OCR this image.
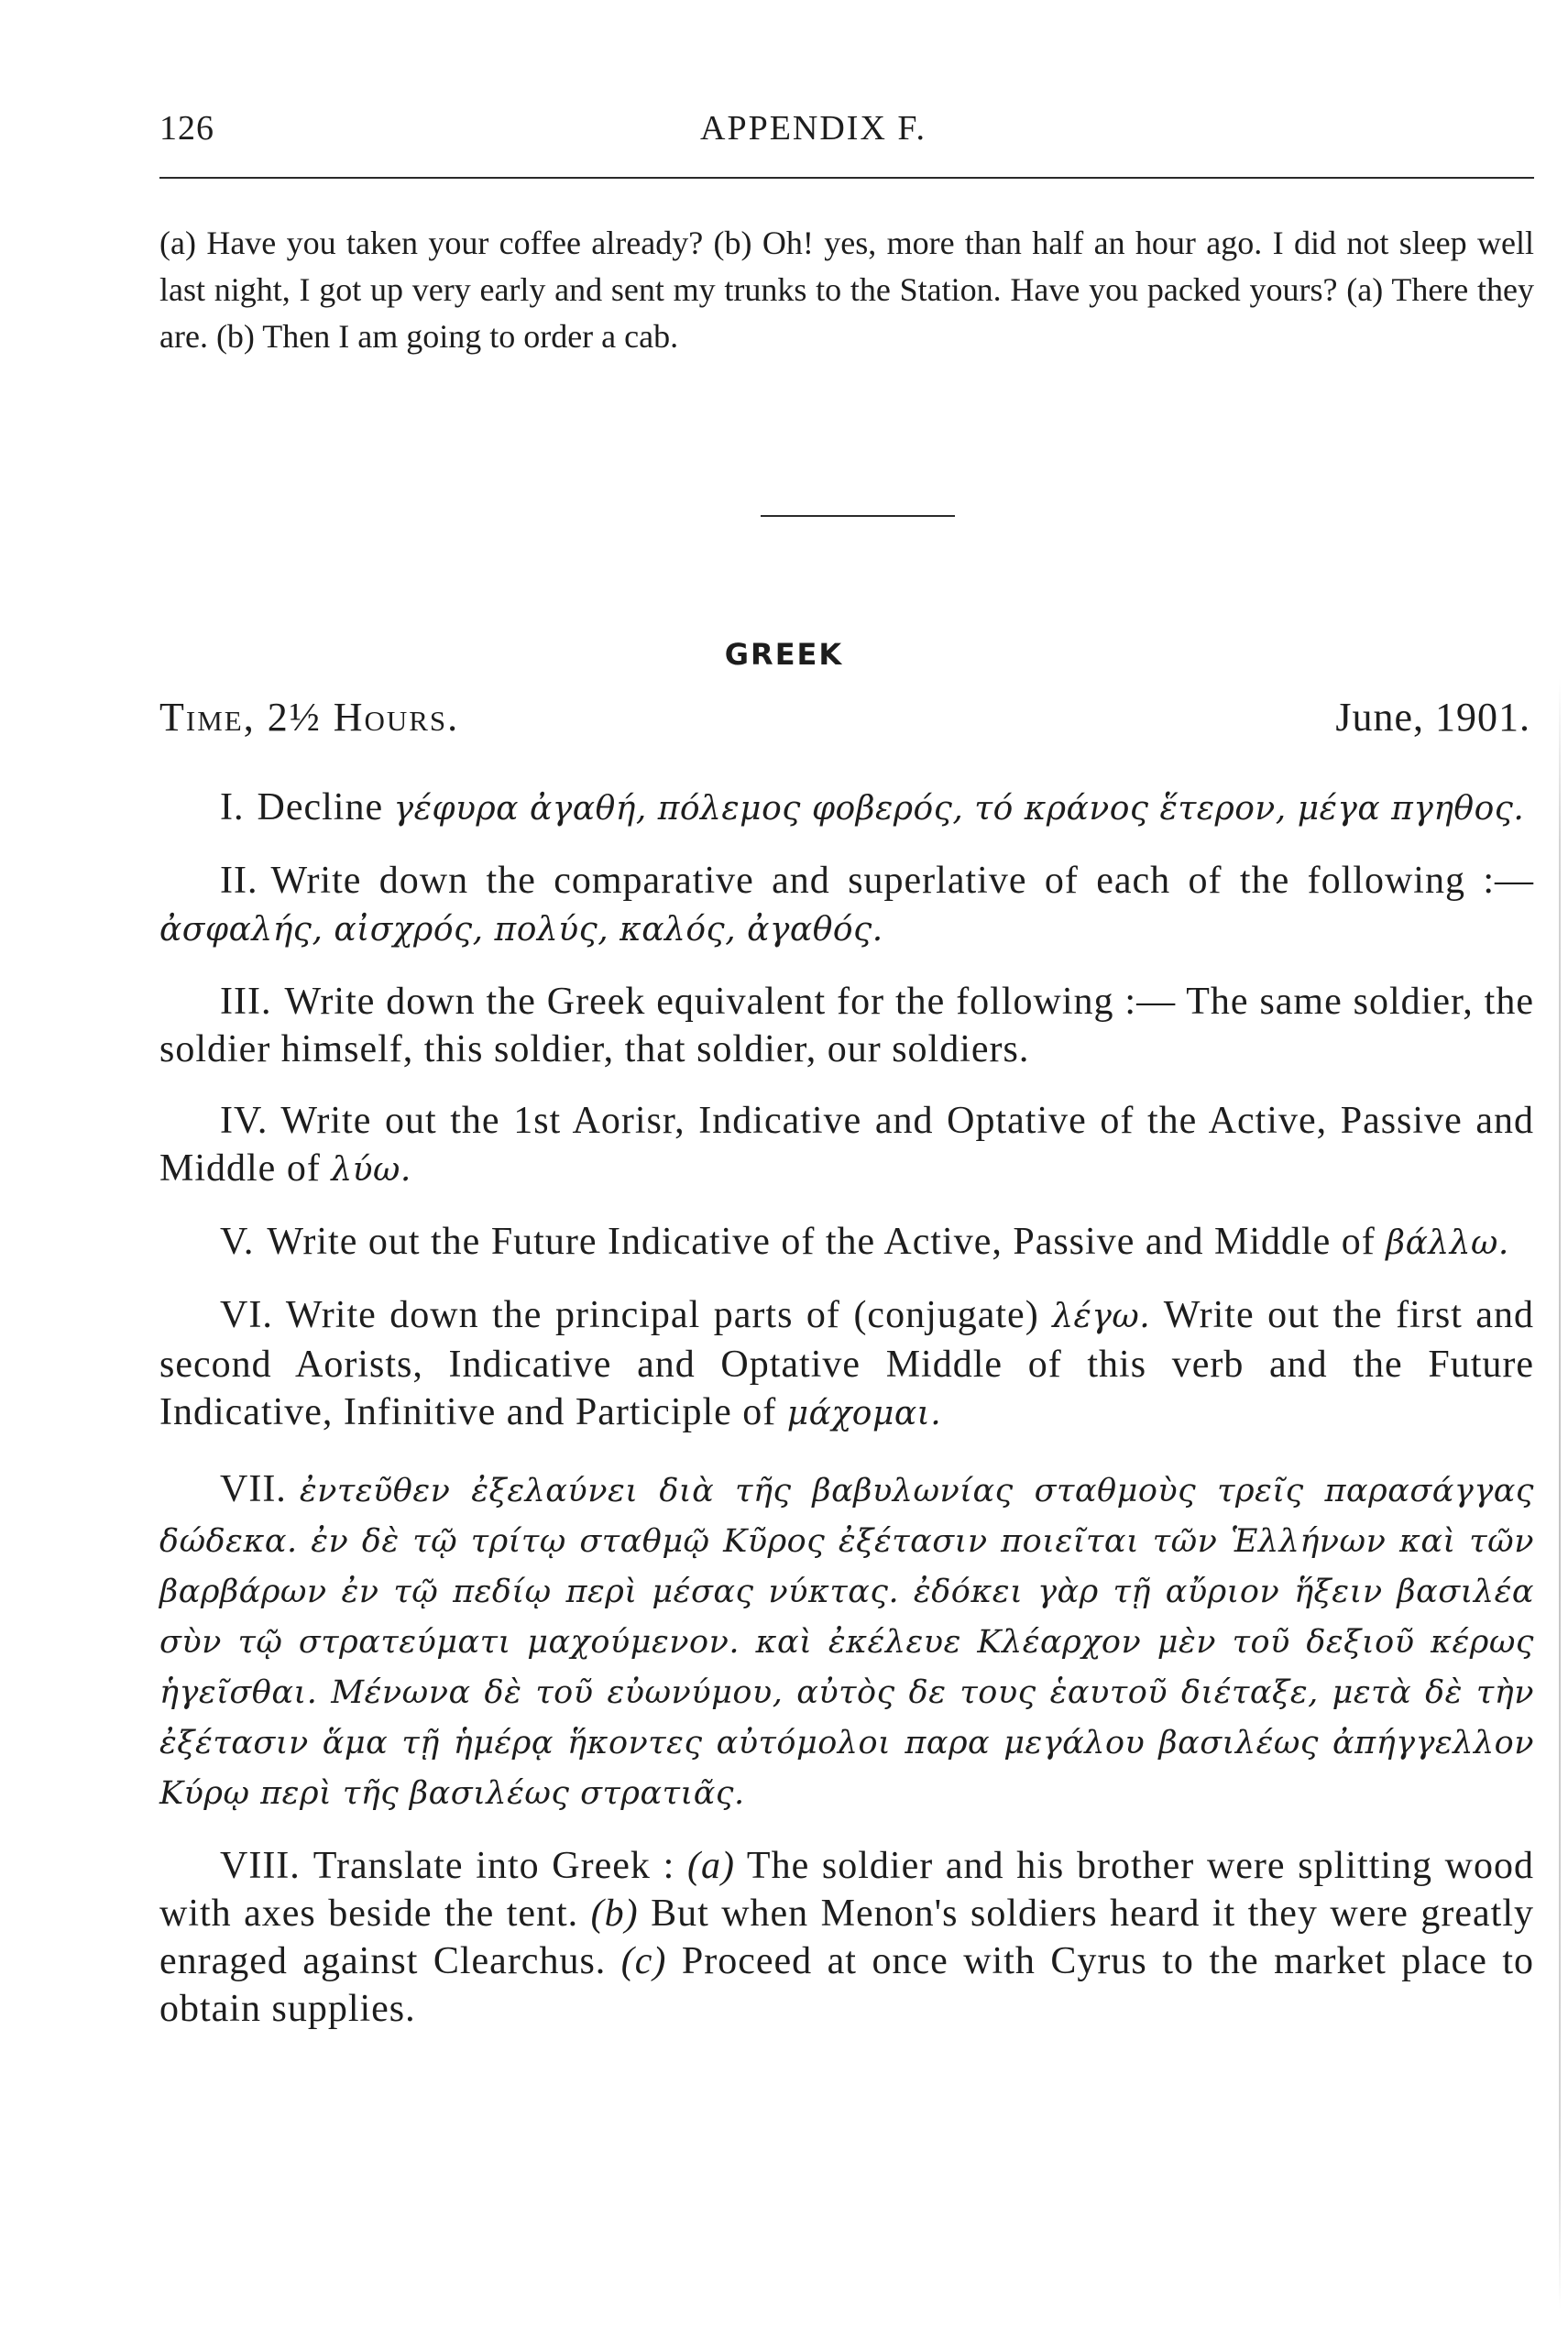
126	APPENDIX F.

(a) Have you taken your coffee already? (b) Oh! yes, more than half an hour ago. I did not sleep well last night, I got up very early and sent my trunks to the Station. Have you packed yours? (a) There they are. (b) Then I am going to order a cab.

GREEK
Time, 2½ Hours.	June, 1901.

I. Decline γέφυρα ἀγαθή, πόλεμος φοβερός, τό κράνος ἕτερον, μέγα πγηθος.

II. Write down the comparative and superlative of each of the following :—ἀσφαλής, αἰσχρός, πολύς, καλός, ἀγαθός.

III. Write down the Greek equivalent for the following :— The same soldier, the soldier himself, this soldier, that soldier, our soldiers.

IV. Write out the 1st Aorisr, Indicative and Optative of the Active, Passive and Middle of λύω.

V. Write out the Future Indicative of the Active, Passive and Middle of βάλλω.

VI. Write down the principal parts of (conjugate) λέγω. Write out the first and second Aorists, Indicative and Optative Middle of this verb and the Future Indicative, Infinitive and Participle of μάχομαι.

VII. ἐντεῦθεν ἐξελαύνει διὰ τῆς βαβυλωνίας σταθμοὺς τρεῖς παρασάγγας δώδεκα. ἐν δὲ τῷ τρίτῳ σταθμῷ Κῦρος ἐξέτασιν ποιεῖται τῶν Ἑλλήνων καὶ τῶν βαρβάρων ἐν τῷ πεδίῳ περὶ μέσας νύκτας. ἐδόκει γὰρ τῇ αὔριον ἥξειν βασιλέα σὺν τῷ στρατεύματι μαχούμενον. καὶ ἐκέλευε Κλέαρχον μὲν τοῦ δεξιοῦ κέρως ἡγεῖσθαι. Μένωνα δὲ τοῦ εὐωνύμου, αὐτὸς δε τους ἑαυτοῦ διέταξε, μετὰ δὲ τὴν ἐξέτασιν ἅμα τῇ ἡμέρᾳ ἥκοντες αὐτόμολοι παρα μεγάλου βασιλέως ἀπήγγελλον Κύρῳ περὶ τῆς βασιλέως στρατιᾶς.

VIII. Translate into Greek : (a) The soldier and his brother were splitting wood with axes beside the tent. (b) But when Menon's soldiers heard it they were greatly enraged against Clearchus. (c) Proceed at once with Cyrus to the market place to obtain supplies.
